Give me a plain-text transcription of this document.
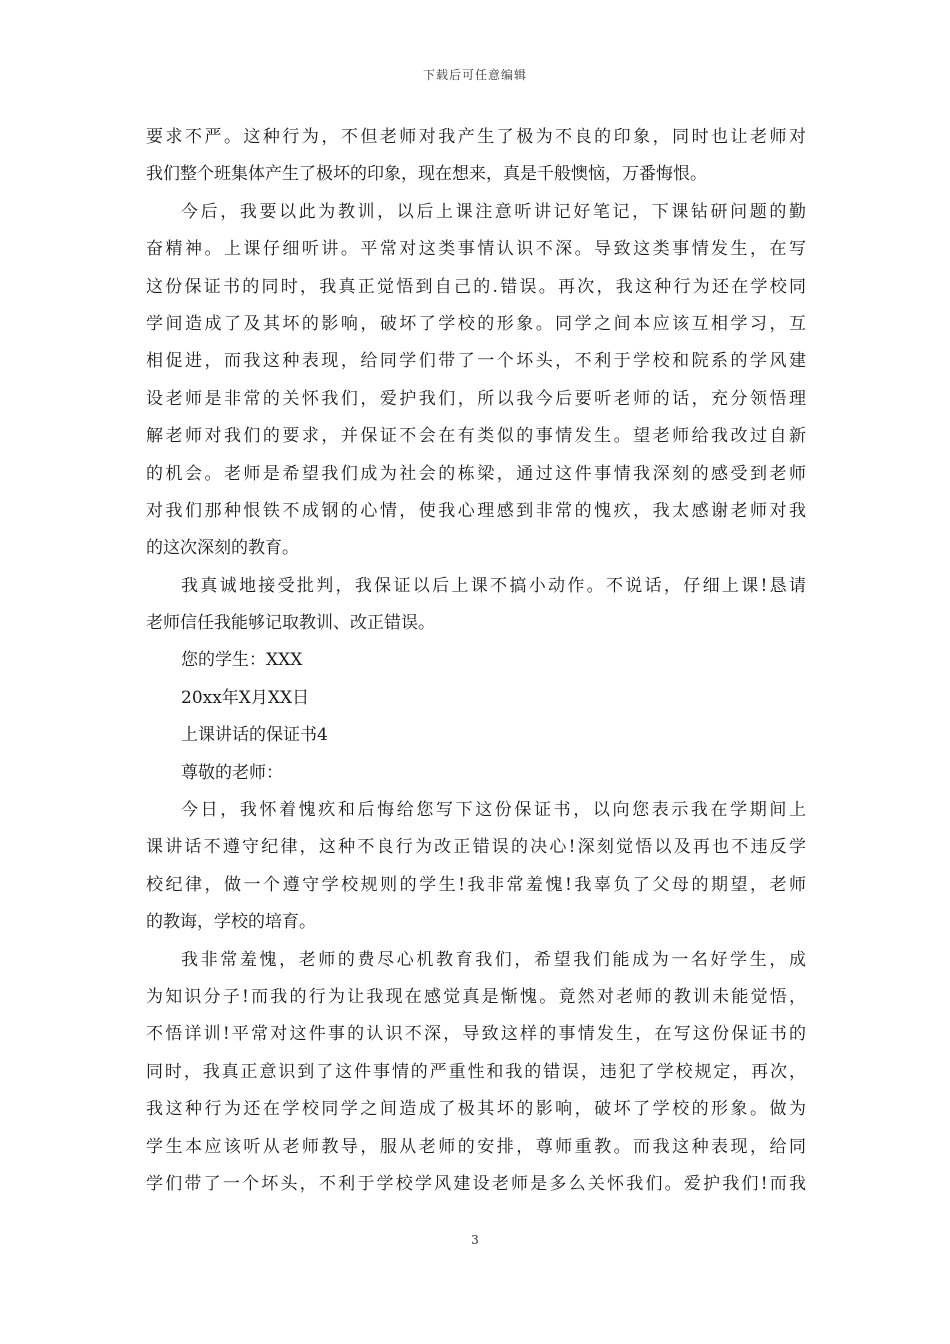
下载后可任意编辑
要求不严。这种行为，不但老师对我产生了极为不良的印象，同时也让老师对
我们整个班集体产生了极坏的印象，现在想来，真是千般懊恼，万番悔恨。
今后，我要以此为教训，以后上课注意听讲记好笔记，下课钻研问题的勤
奋精神。上课仔细听讲。平常对这类事情认识不深。导致这类事情发生，在写
这份保证书的同时，我真正觉悟到自己的.错误。再次，我这种行为还在学校同
学间造成了及其坏的影响，破坏了学校的形象。同学之间本应该互相学习，互
相促进，而我这种表现，给同学们带了一个坏头，不利于学校和院系的学风建
设老师是非常的关怀我们，爱护我们，所以我今后要听老师的话，充分领悟理
解老师对我们的要求，并保证不会在有类似的事情发生。望老师给我改过自新
的机会。老师是希望我们成为社会的栋梁，通过这件事情我深刻的感受到老师
对我们那种恨铁不成钢的心情，使我心理感到非常的愧疚，我太感谢老师对我
的这次深刻的教育。
我真诚地接受批判，我保证以后上课不搞小动作。不说话，仔细上课!恳请
老师信任我能够记取教训、改正错误。
您的学生：XXX
20xx年X月XX日
上课讲话的保证书4
尊敬的老师：
今日，我怀着愧疚和后悔给您写下这份保证书，以向您表示我在学期间上
课讲话不遵守纪律，这种不良行为改正错误的决心!深刻觉悟以及再也不违反学
校纪律，做一个遵守学校规则的学生!我非常羞愧!我辜负了父母的期望，老师
的教诲，学校的培育。
我非常羞愧，老师的费尽心机教育我们，希望我们能成为一名好学生，成
为知识分子!而我的行为让我现在感觉真是惭愧。竟然对老师的教训未能觉悟，
不悟详训!平常对这件事的认识不深，导致这样的事情发生，在写这份保证书的
同时，我真正意识到了这件事情的严重性和我的错误，违犯了学校规定，再次，
我这种行为还在学校同学之间造成了极其坏的影响，破坏了学校的形象。做为
学生本应该听从老师教导，服从老师的安排，尊师重教。而我这种表现，给同
学们带了一个坏头，不利于学校学风建设老师是多么关怀我们。爱护我们!而我
3
